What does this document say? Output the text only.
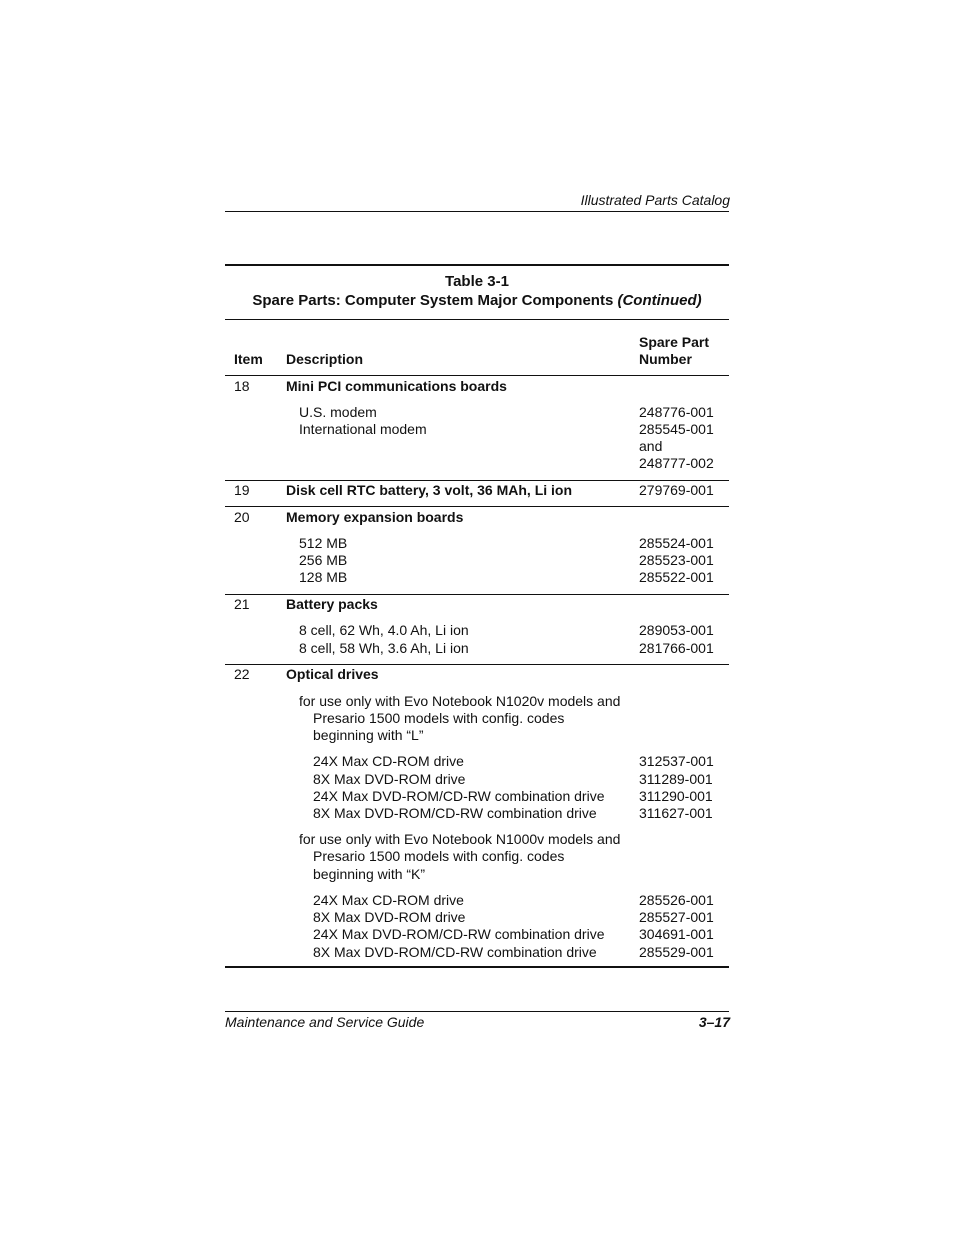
Illustrated Parts Catalog
Table 3-1
Spare Parts: Computer System Major Components (Continued)
Item Description
Spare Part
Number
18	Mini PCI communications boards
U.S. modem	248776-001
International modem	285545-001
and
248777-002
19	Disk cell RTC battery, 3 volt, 36 MAh, Li ion	279769-001
20	Memory expansion boards
512 MB	285524-001
256 MB	285523-001
128 MB	285522-001
21	Battery packs
8 cell, 62 Wh, 4.0 Ah, Li ion	289053-001
8 cell, 58 Wh, 3.6 Ah, Li ion	281766-001
22	Optical drives
for use only with Evo Notebook N1020v models and
Presario 1500 models with config. codes
beginning with “L”
24X Max CD-ROM drive	312537-001
8X Max DVD-ROM drive	311289-001
24X Max DVD-ROM/CD-RW combination drive 311290-001
8X Max DVD-ROM/CD-RW combination drive	311627-001
for use only with Evo Notebook N1000v models and
Presario 1500 models with config. codes
beginning with “K”
24X Max CD-ROM drive	285526-001
8X Max DVD-ROM drive	285527-001
24X Max DVD-ROM/CD-RW combination drive 304691-001
8X Max DVD-ROM/CD-RW combination drive	285529-001
Maintenance and Service Guide	3–17
